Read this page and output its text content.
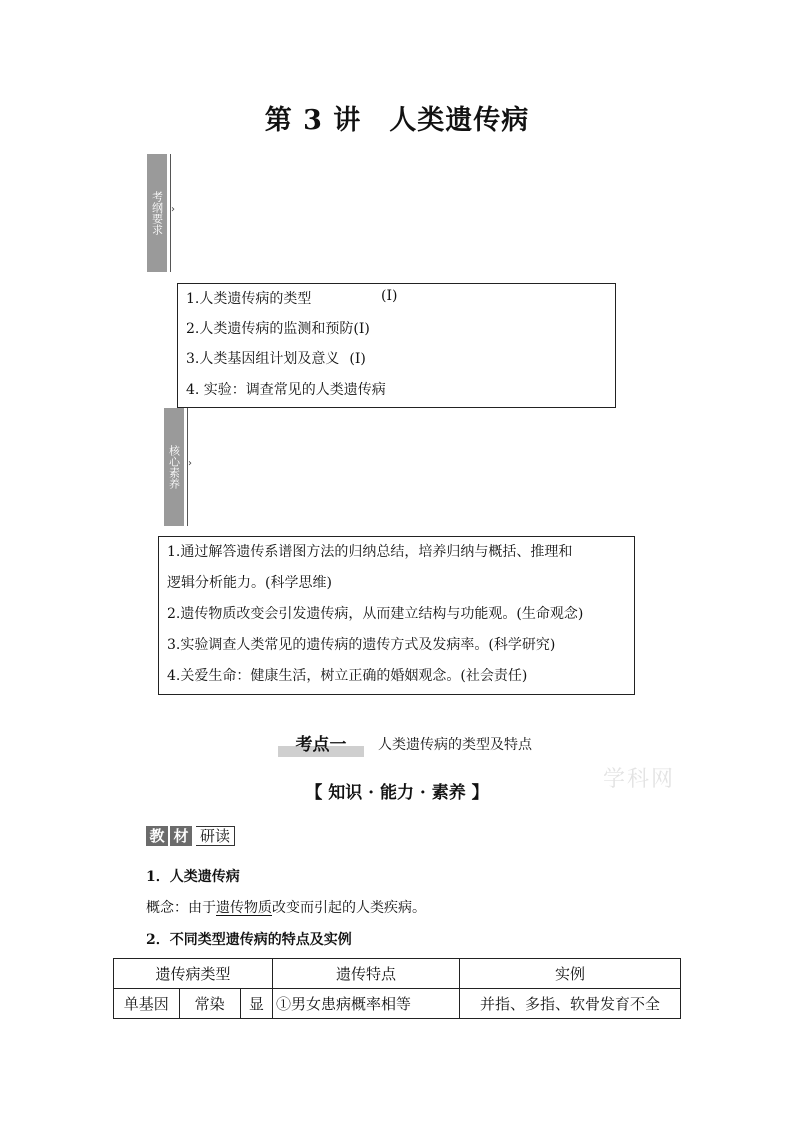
第 3 讲　人类遗传病
考纲要求 ›
1.人类遗传病的类型	(Ⅰ)
2.人类遗传病的监测和预防(Ⅰ)
3.人类基因组计划及意义 (Ⅰ)
4. 实验：调查常见的人类遗传病
核心素养 ›
1.通过解答遗传系谱图方法的归纳总结，培养归纳与概括、推理和
逻辑分析能力。(科学思维)
2.遗传物质改变会引发遗传病，从而建立结构与功能观。(生命观念)
3.实验调查人类常见的遗传病的遗传方式及发病率。(科学研究)
4.关爱生命：健康生活，树立正确的婚姻观念。(社会责任)
考点一	人类遗传病的类型及特点
学科网
【 知识 · 能力 · 素养 】
教 材 研读
1．人类遗传病
概念：由于遗传物质改变而引起的人类疾病。
2．不同类型遗传病的特点及实例
遗传病类型			遗传特点	实例
单基因	常染	显	①男女患病概率相等	并指、多指、软骨发育不全
